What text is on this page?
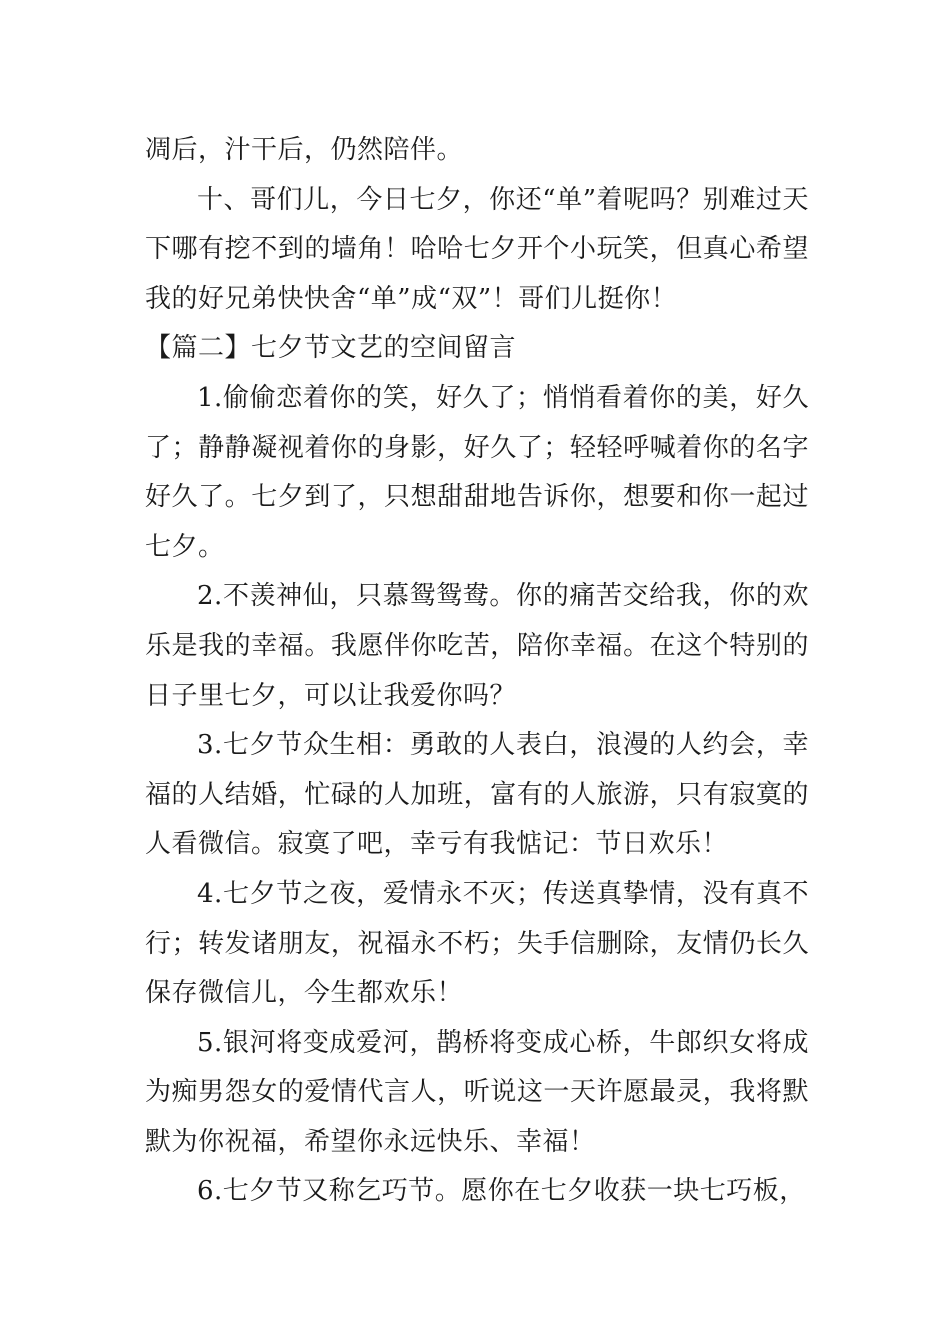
凋后，汁干后，仍然陪伴。

十、哥们儿，今日七夕，你还“单”着呢吗？别难过天下哪有挖不到的墙角！哈哈七夕开个小玩笑，但真心希望我的好兄弟快快舍“单”成“双”！哥们儿挺你！

【篇二】七夕节文艺的空间留言

1.偷偷恋着你的笑，好久了；悄悄看着你的美，好久了；静静凝视着你的身影，好久了；轻轻呼喊着你的名字好久了。七夕到了，只想甜甜地告诉你，想要和你一起过七夕。

2.不羡神仙，只慕鸳鸳鸯。你的痛苦交给我，你的欢乐是我的幸福。我愿伴你吃苦，陪你幸福。在这个特别的日子里七夕，可以让我爱你吗？

3.七夕节众生相：勇敢的人表白，浪漫的人约会，幸福的人结婚，忙碌的人加班，富有的人旅游，只有寂寞的人看微信。寂寞了吧，幸亏有我惦记：节日欢乐！

4.七夕节之夜，爱情永不灭；传送真挚情，没有真不行；转发诸朋友，祝福永不朽；失手信删除，友情仍长久保存微信儿，今生都欢乐！

5.银河将变成爱河，鹊桥将变成心桥，牛郎织女将成为痴男怨女的爱情代言人，听说这一天许愿最灵，我将默默为你祝福，希望你永远快乐、幸福！

6.七夕节又称乞巧节。愿你在七夕收获一块七巧板，
